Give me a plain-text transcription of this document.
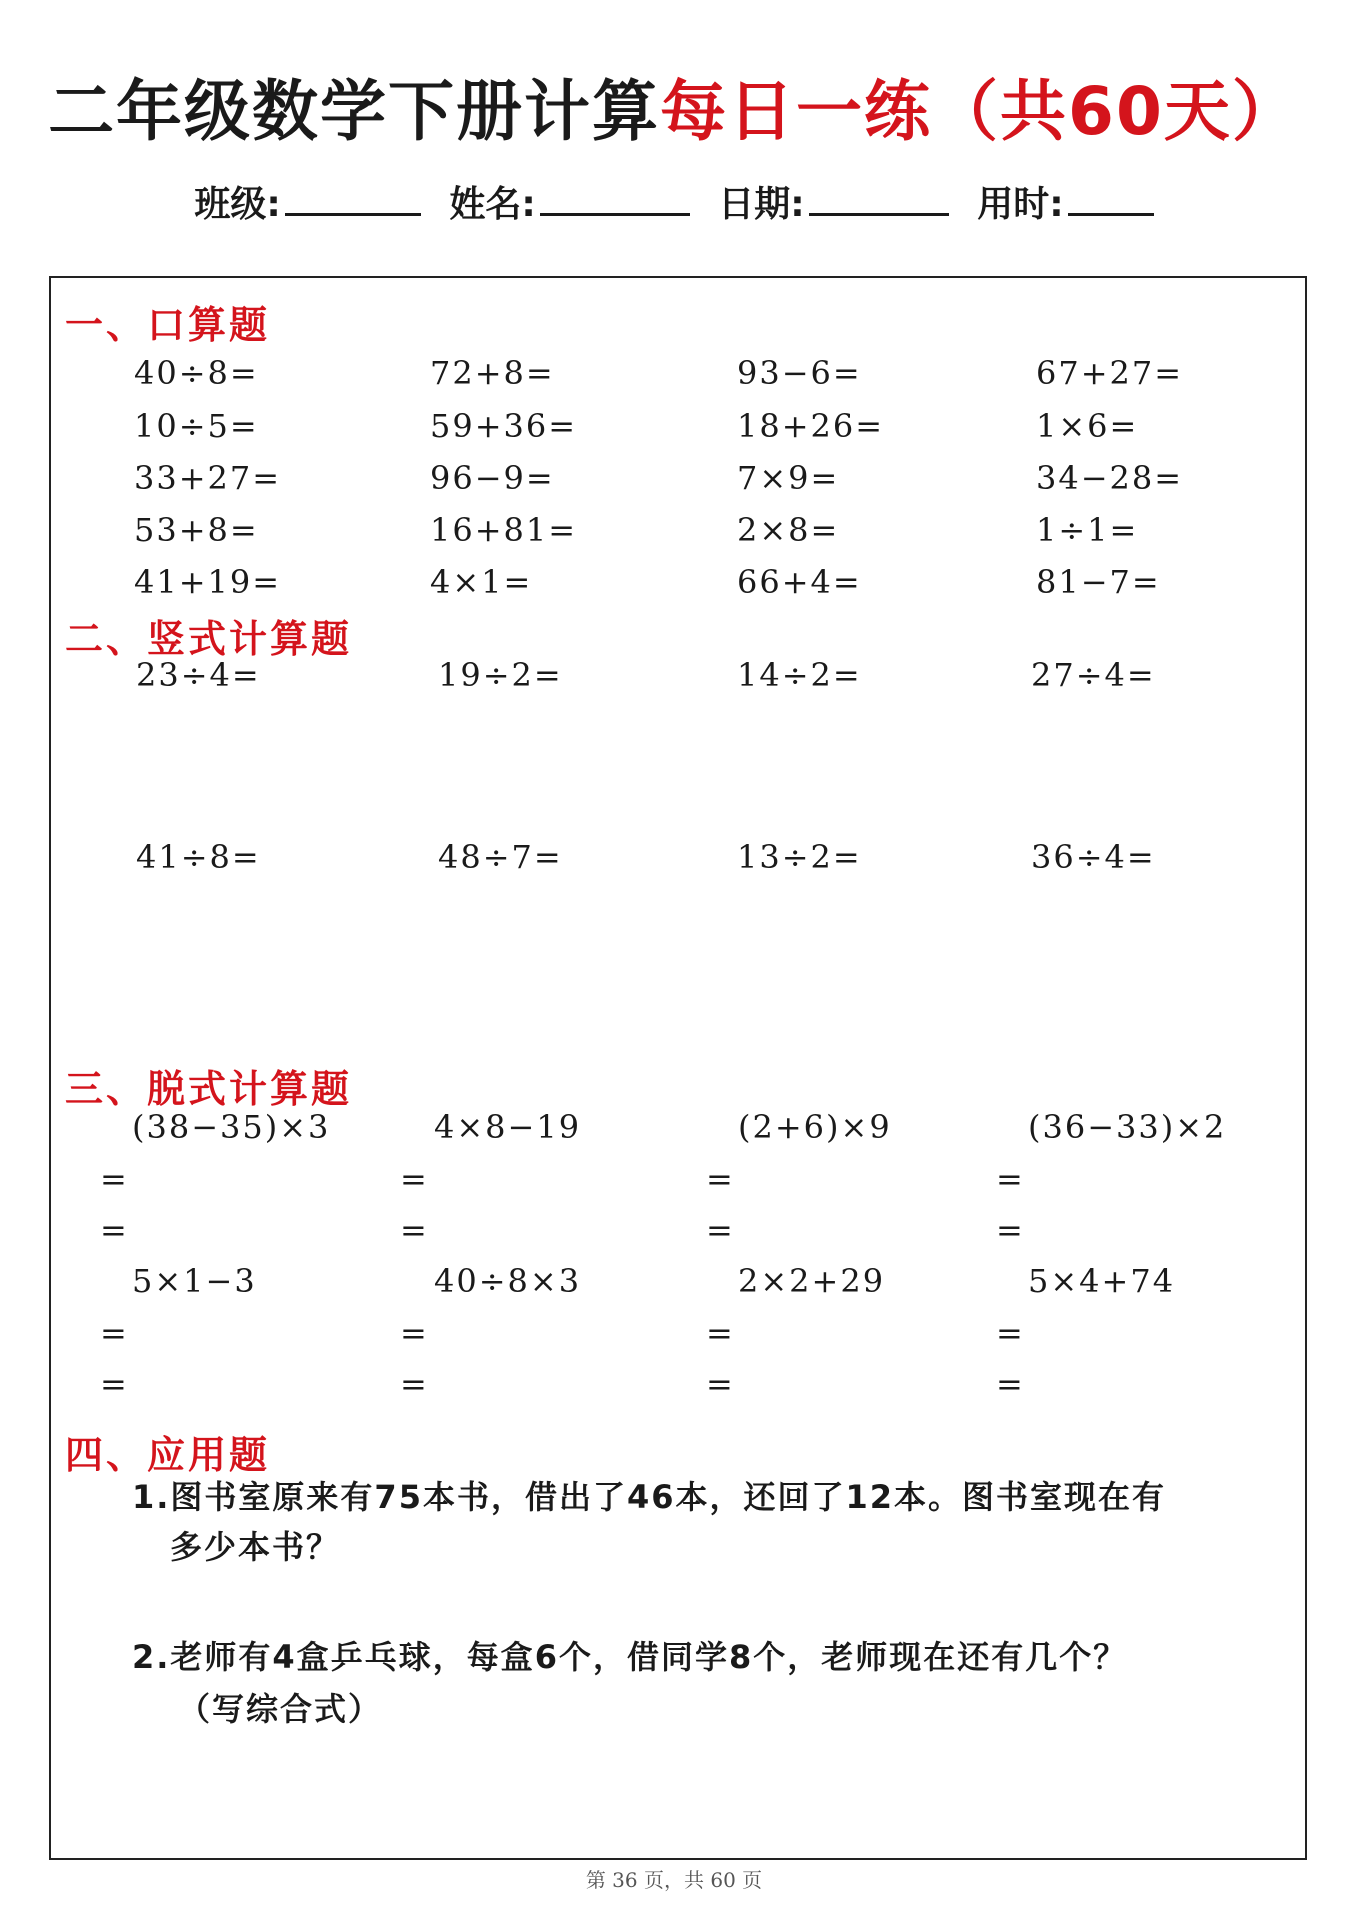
二年级数学下册计算每日一练（共60天）
班级:	姓名:	日期:	用时:
一、口算题
40÷8=	72+8=	93−6=	67+27=
10÷5=	59+36=	18+26=	1×6=
33+27=	96−9=	7×9=	34−28=
53+8=	16+81=	2×8=	1÷1=
41+19=	4×1=	66+4=	81−7=
二、竖式计算题
23÷4=	19÷2=	14÷2=	27÷4=
41÷8=	48÷7=	13÷2=	36÷4=
三、脱式计算题
(38−35)×3
=
=
4×8−19
=
=
(2+6)×9
=
=
(36−33)×2
=
=
5×1−3
=
=
40÷8×3
=
=
2×2+29
=
=
5×4+74
=
=
四、应用题
1.图书室原来有75本书，借出了46本，还回了12本。图书室现在有
多少本书？
2.老师有4盒乒乓球，每盒6个，借同学8个，老师现在还有几个？
（写综合式）
第 36 页，共 60 页
